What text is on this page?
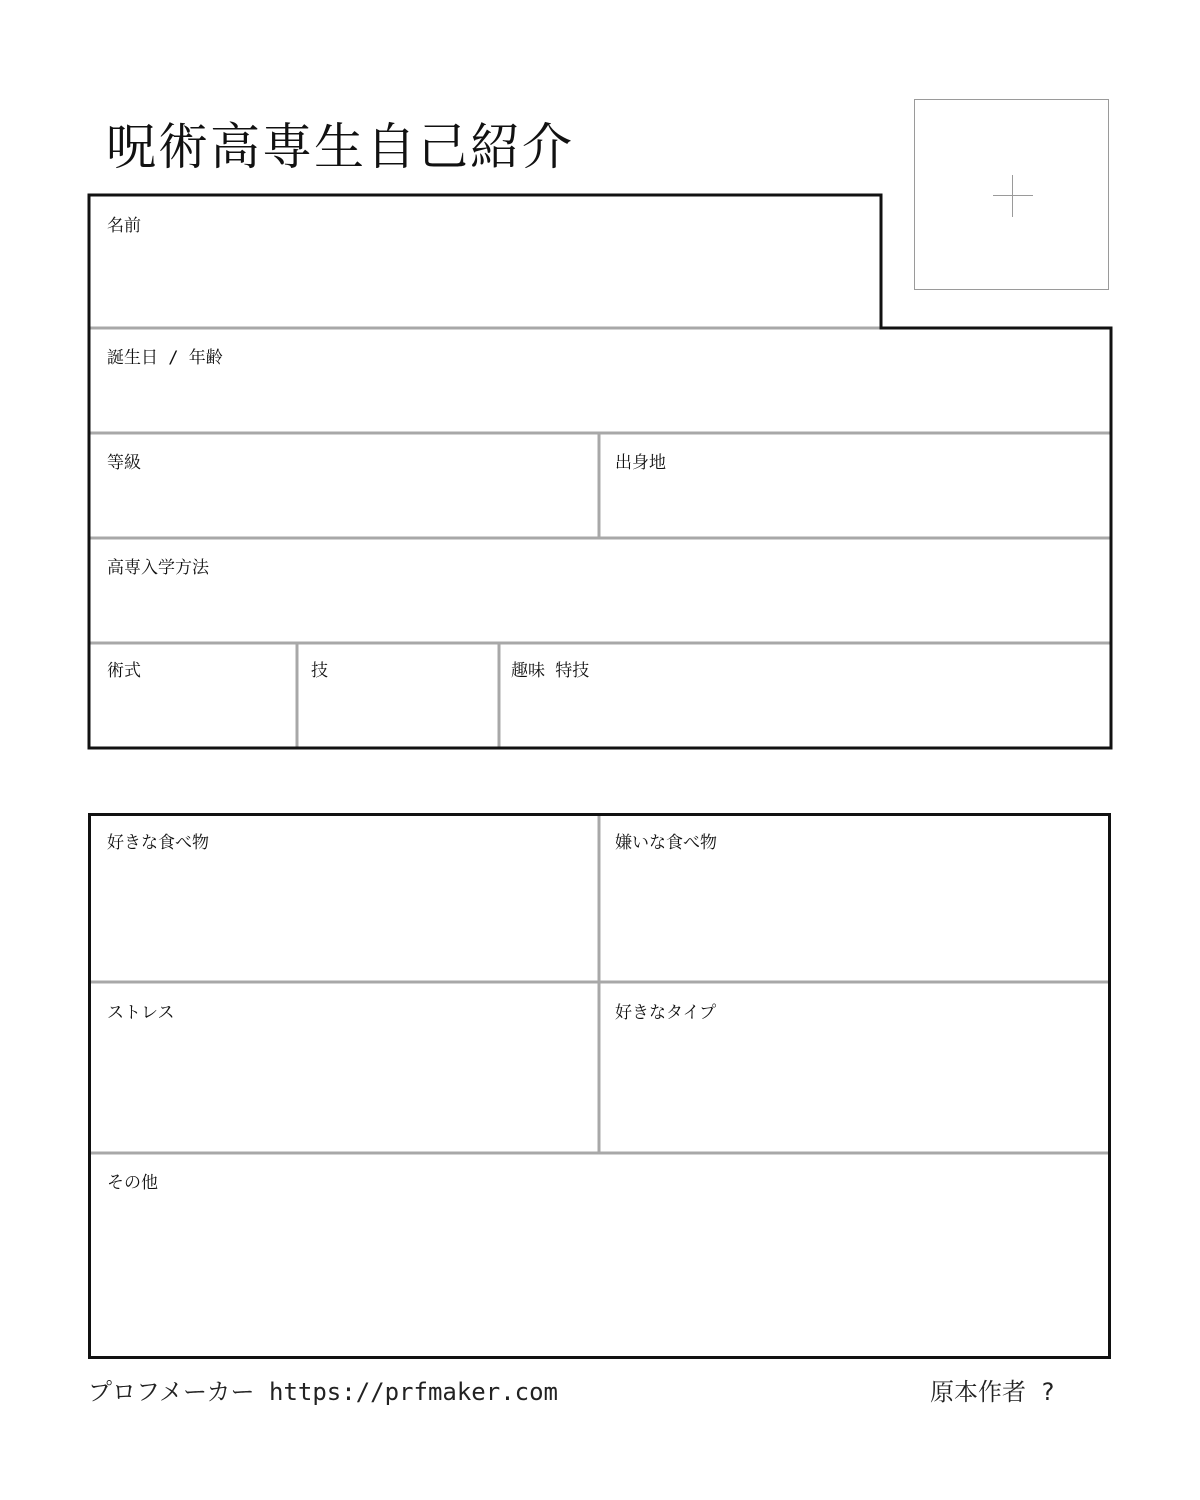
呪術高専生自己紹介
名前
誕生日 / 年齢
等級	出身地
高専入学方法
術式	技	趣味 特技
好きな食べ物	嫌いな食べ物
ストレス	好きなタイプ
その他
プロフメーカー https://prfmaker.com	原本作者 ?
